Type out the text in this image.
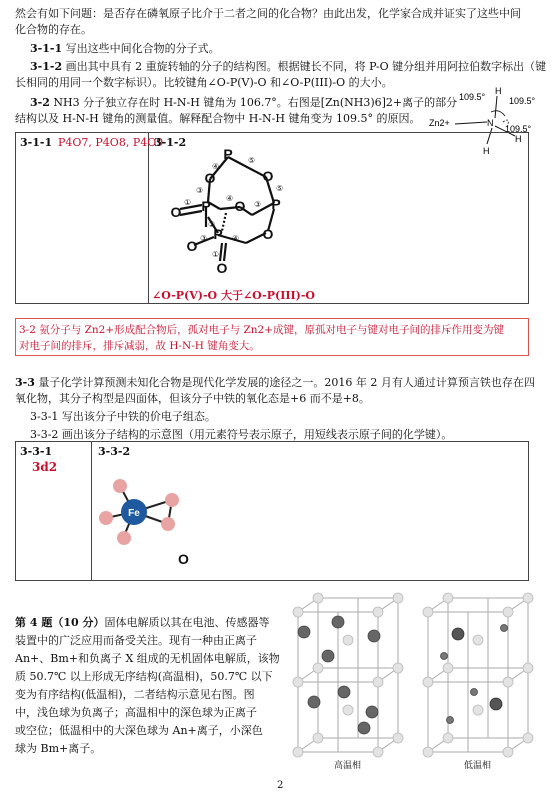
然会有如下问题：是否存在磷氧原子比介于二者之间的化合物？由此出发，化学家合成并证实了这些中间
化合物的存在。
3-1-1 写出这些中间化合物的分子式。
3-1-2 画出其中具有 2 重旋转轴的分子的结构图。根据键长不同，将 P-O 键分组并用阿拉伯数字标出（键
长相同的用同一个数字标识）。比较键角∠O-P(V)-O 和∠O-P(III)-O 的大小。
3-2 NH3 分子独立存在时 H-N-H 键角为 106.7°。右图是[Zn(NH3)6]2+离子的部分
结构以及 H-N-H 键角的测量值。解释配合物中 H-N-H 键角变为 109.5° 的原因。 Zn2+	N
H
H
H
109.5°	109.5°
109.5°
3-1-1 P4O7, P4O8, P4O9
3-1-2
P
O	O
P
O	O P
P	O
O
O
④
⑤
③	⑤
④
①
②
③
③	④
①
∠O-P(V)-O 大于∠O-P(III)-O
3-2 氨分子与 Zn2+形成配合物后，孤对电子与 Zn2+成键，原孤对电子与键对电子间的排斥作用变为键
对电子间的排斥，排斥减弱，故 H-N-H 键角变大。
3-3 量子化学计算预测未知化合物是现代化学发展的途径之一。2016 年 2 月有人通过计算预言铁也存在四
氧化物，其分子构型是四面体，但该分子中铁的氧化态是+6 而不是+8。
3-3-1 写出该分子中铁的价电子组态。
3-3-2 画出该分子结构的示意图（用元素符号表示原子，用短线表示原子间的化学键）。
3-3-1
3d2
3-3-2
Fe
O
第 4 题（10 分）固体电解质以其在电池、传感器等
装置中的广泛应用而备受关注。现有一种由正离子
An+、Bm+和负离子 X 组成的无机固体电解质，该物
质 50.7℃ 以上形成无序结构(高温相)，50.7℃ 以下
变为有序结构(低温相)，二者结构示意见右图。图
中，浅色球为负离子；高温相中的深色球为正离子
或空位；低温相中的大深色球为 An+离子，小深色
球为 Bm+离子。
高温相	低温相
2
